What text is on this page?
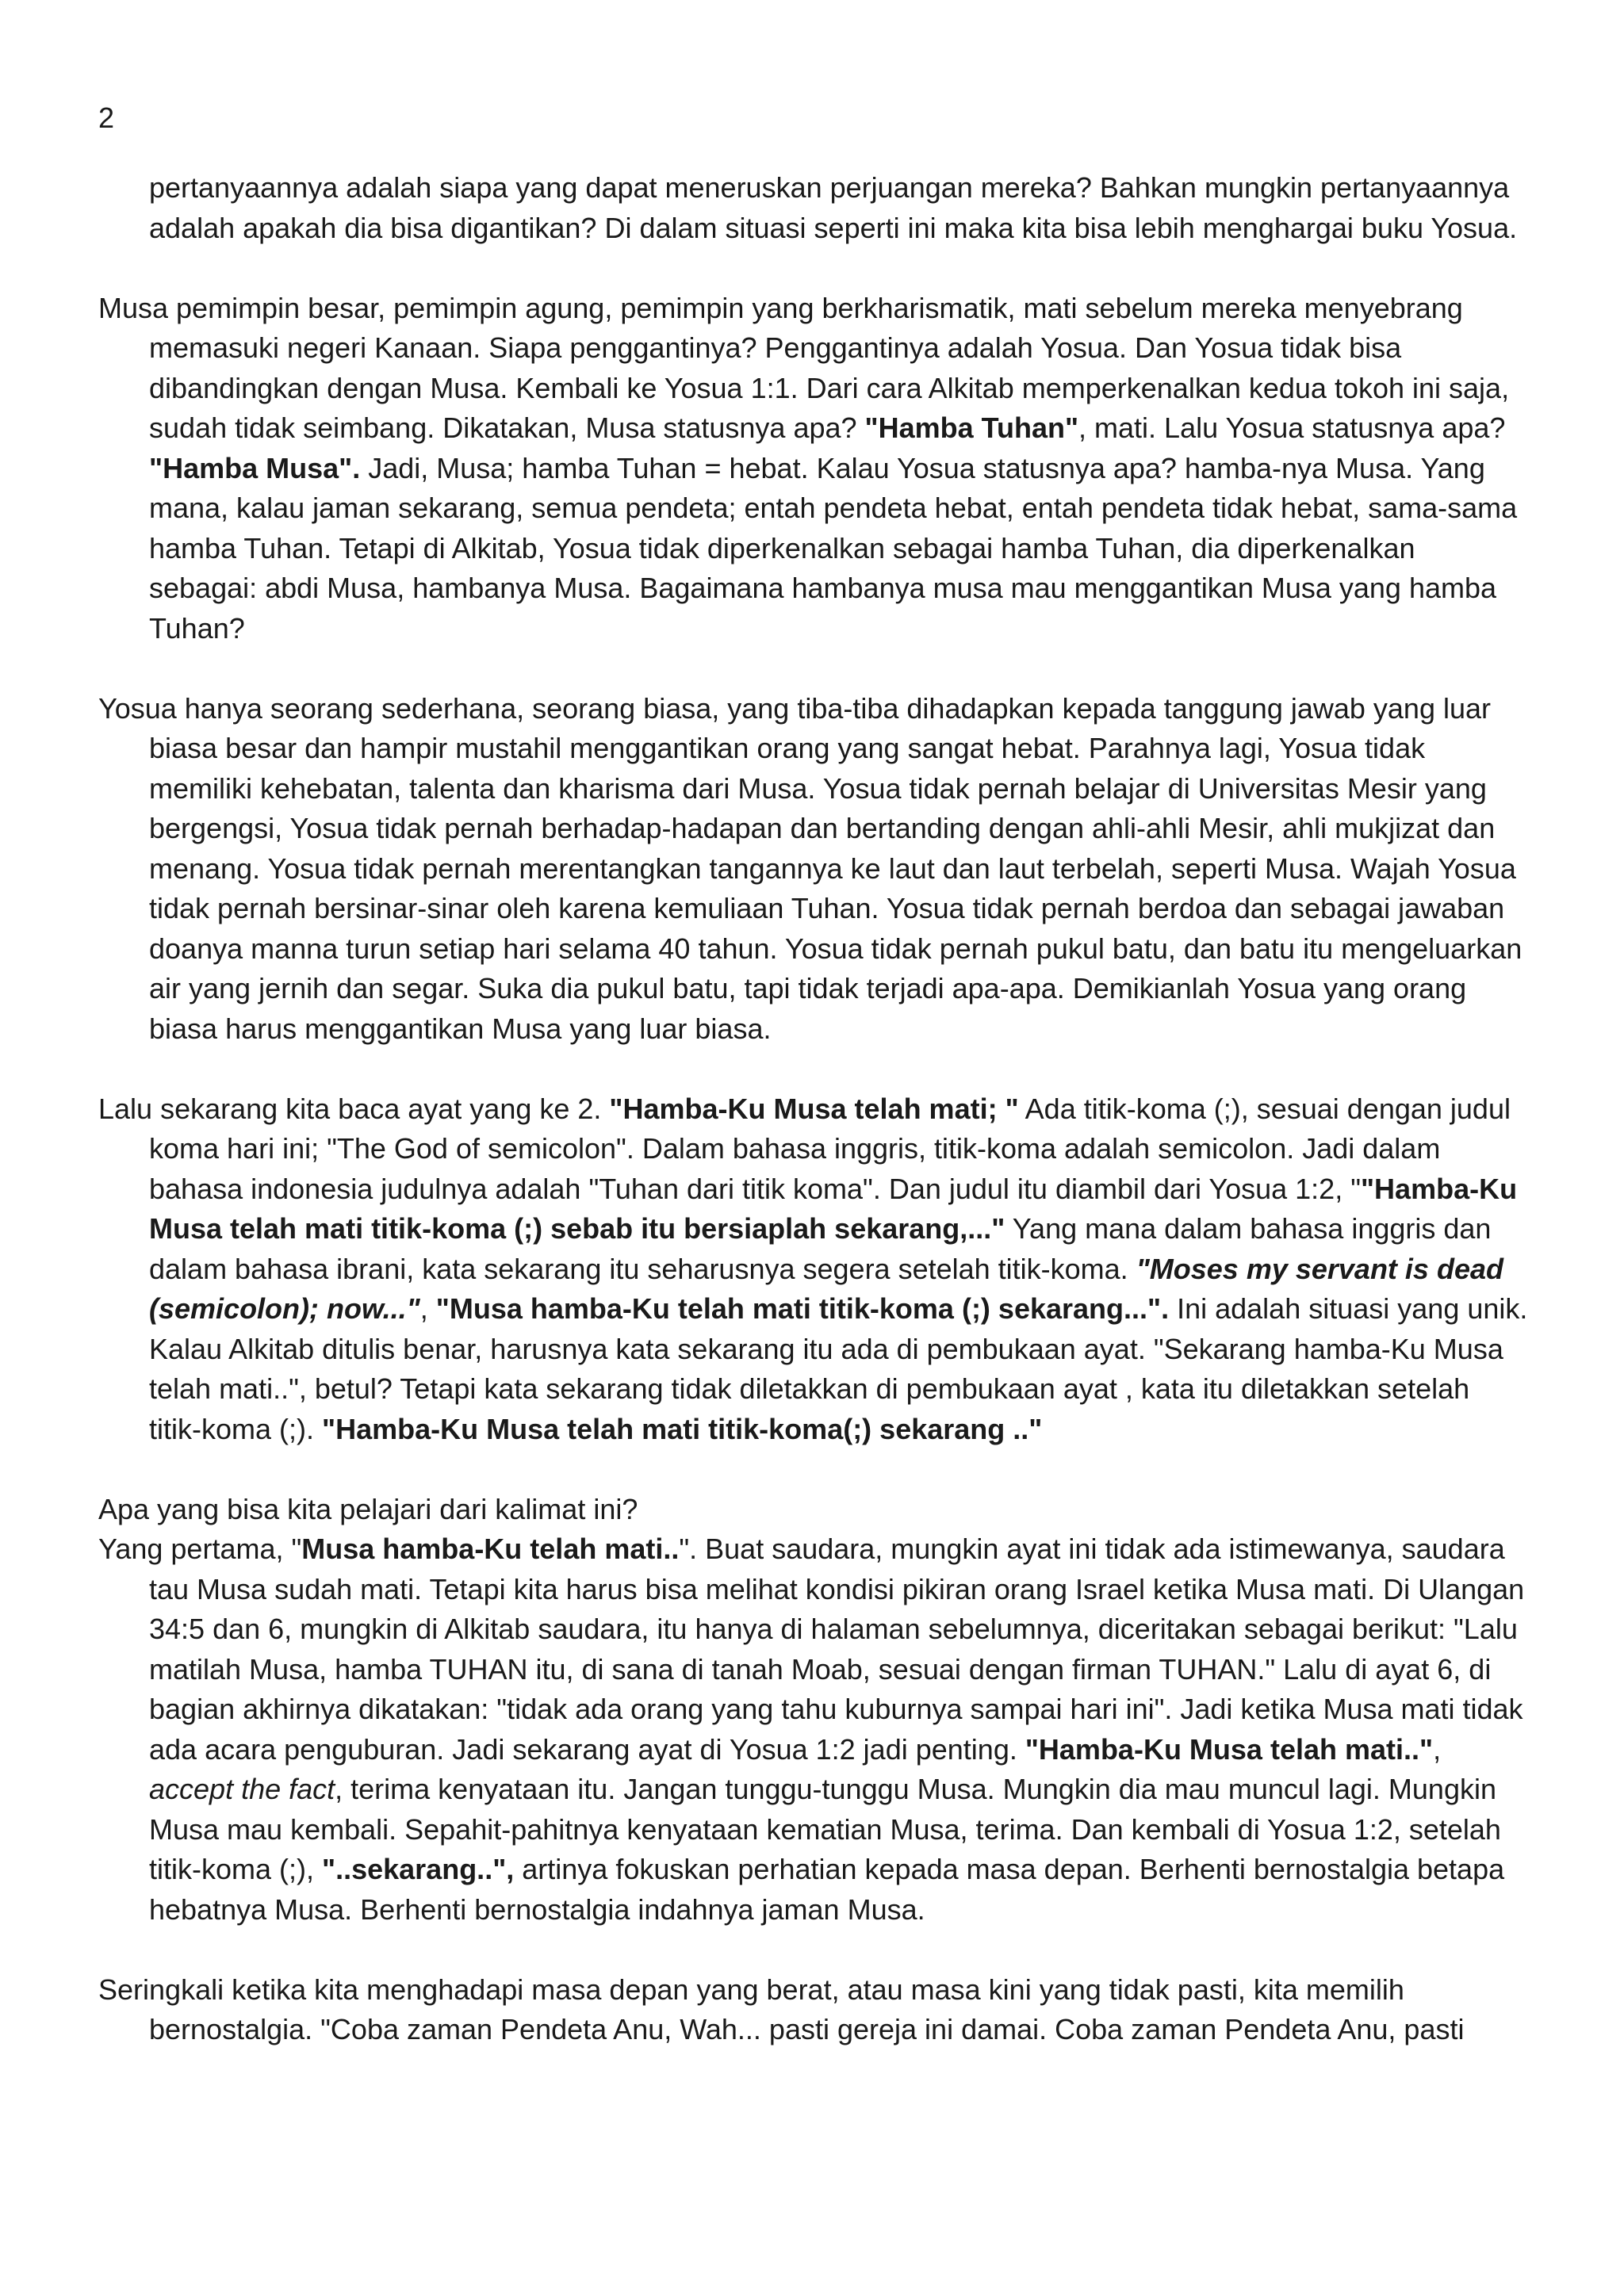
2

pertanyaannya adalah siapa yang dapat meneruskan perjuangan mereka? Bahkan mungkin pertanyaannya adalah apakah dia bisa digantikan? Di dalam situasi seperti ini maka kita bisa lebih menghargai buku Yosua.

Musa pemimpin besar, pemimpin agung, pemimpin yang berkharismatik, mati sebelum mereka menyebrang memasuki negeri Kanaan. Siapa penggantinya? Penggantinya adalah Yosua. Dan Yosua tidak bisa dibandingkan dengan Musa. Kembali ke Yosua 1:1. Dari cara Alkitab memperkenalkan kedua tokoh ini saja, sudah tidak seimbang. Dikatakan, Musa statusnya apa? "Hamba Tuhan", mati. Lalu Yosua statusnya apa? "Hamba Musa". Jadi, Musa; hamba Tuhan = hebat. Kalau Yosua statusnya apa? hamba-nya Musa. Yang mana, kalau jaman sekarang, semua pendeta; entah pendeta hebat, entah pendeta tidak hebat, sama-sama hamba Tuhan. Tetapi di Alkitab, Yosua tidak diperkenalkan sebagai hamba Tuhan, dia diperkenalkan sebagai: abdi Musa, hambanya Musa. Bagaimana hambanya musa mau menggantikan Musa yang hamba Tuhan?

Yosua hanya seorang sederhana, seorang biasa, yang tiba-tiba dihadapkan kepada tanggung jawab yang luar biasa besar dan hampir mustahil menggantikan orang yang sangat hebat. Parahnya lagi, Yosua tidak memiliki kehebatan, talenta dan kharisma dari Musa. Yosua tidak pernah belajar di Universitas Mesir yang bergengsi, Yosua tidak pernah berhadap-hadapan dan bertanding dengan ahli-ahli Mesir, ahli mukjizat dan menang. Yosua tidak pernah merentangkan tangannya ke laut dan laut terbelah, seperti Musa. Wajah Yosua tidak pernah bersinar-sinar oleh karena kemuliaan Tuhan. Yosua tidak pernah berdoa dan sebagai jawaban doanya manna turun setiap hari selama 40 tahun. Yosua tidak pernah pukul batu, dan batu itu mengeluarkan air yang jernih dan segar. Suka dia pukul batu, tapi tidak terjadi apa-apa. Demikianlah Yosua yang orang biasa harus menggantikan Musa yang luar biasa.

Lalu sekarang kita baca ayat yang ke 2. "Hamba-Ku Musa telah mati; " Ada titik-koma (;), sesuai dengan judul koma hari ini; "The God of semicolon". Dalam bahasa inggris, titik-koma adalah semicolon. Jadi dalam bahasa indonesia judulnya adalah "Tuhan dari titik koma". Dan judul itu diambil dari Yosua 1:2, ""Hamba-Ku Musa telah mati titik-koma (;) sebab itu bersiaplah sekarang,..." Yang mana dalam bahasa inggris dan dalam bahasa ibrani, kata sekarang itu seharusnya segera setelah titik-koma. "Moses my servant is dead (semicolon); now...", "Musa hamba-Ku telah mati titik-koma (;) sekarang...". Ini adalah situasi yang unik. Kalau Alkitab ditulis benar, harusnya kata sekarang itu ada di pembukaan ayat. "Sekarang hamba-Ku Musa telah mati..", betul? Tetapi kata sekarang tidak diletakkan di pembukaan ayat , kata itu diletakkan setelah titik-koma (;). "Hamba-Ku Musa telah mati titik-koma(;) sekarang .."

Apa yang bisa kita pelajari dari kalimat ini?

Yang pertama, "Musa hamba-Ku telah mati..". Buat saudara, mungkin ayat ini tidak ada istimewanya, saudara tau Musa sudah mati. Tetapi kita harus bisa melihat kondisi pikiran orang Israel ketika Musa mati. Di Ulangan 34:5 dan 6, mungkin di Alkitab saudara, itu hanya di halaman sebelumnya, diceritakan sebagai berikut: "Lalu matilah Musa, hamba TUHAN itu, di sana di tanah Moab, sesuai dengan firman TUHAN." Lalu di ayat 6, di bagian akhirnya dikatakan: "tidak ada orang yang tahu kuburnya sampai hari ini". Jadi ketika Musa mati tidak ada acara penguburan. Jadi sekarang ayat di Yosua 1:2 jadi penting. "Hamba-Ku Musa telah mati..", accept the fact, terima kenyataan itu. Jangan tunggu-tunggu Musa. Mungkin dia mau muncul lagi. Mungkin Musa mau kembali. Sepahit-pahitnya kenyataan kematian Musa, terima. Dan kembali di Yosua 1:2, setelah titik-koma (;), "..sekarang..", artinya fokuskan perhatian kepada masa depan. Berhenti bernostalgia betapa hebatnya Musa. Berhenti bernostalgia indahnya jaman Musa.

Seringkali ketika kita menghadapi masa depan yang berat, atau masa kini yang tidak pasti, kita memilih bernostalgia. "Coba zaman Pendeta Anu, Wah... pasti gereja ini damai. Coba zaman Pendeta Anu, pasti
